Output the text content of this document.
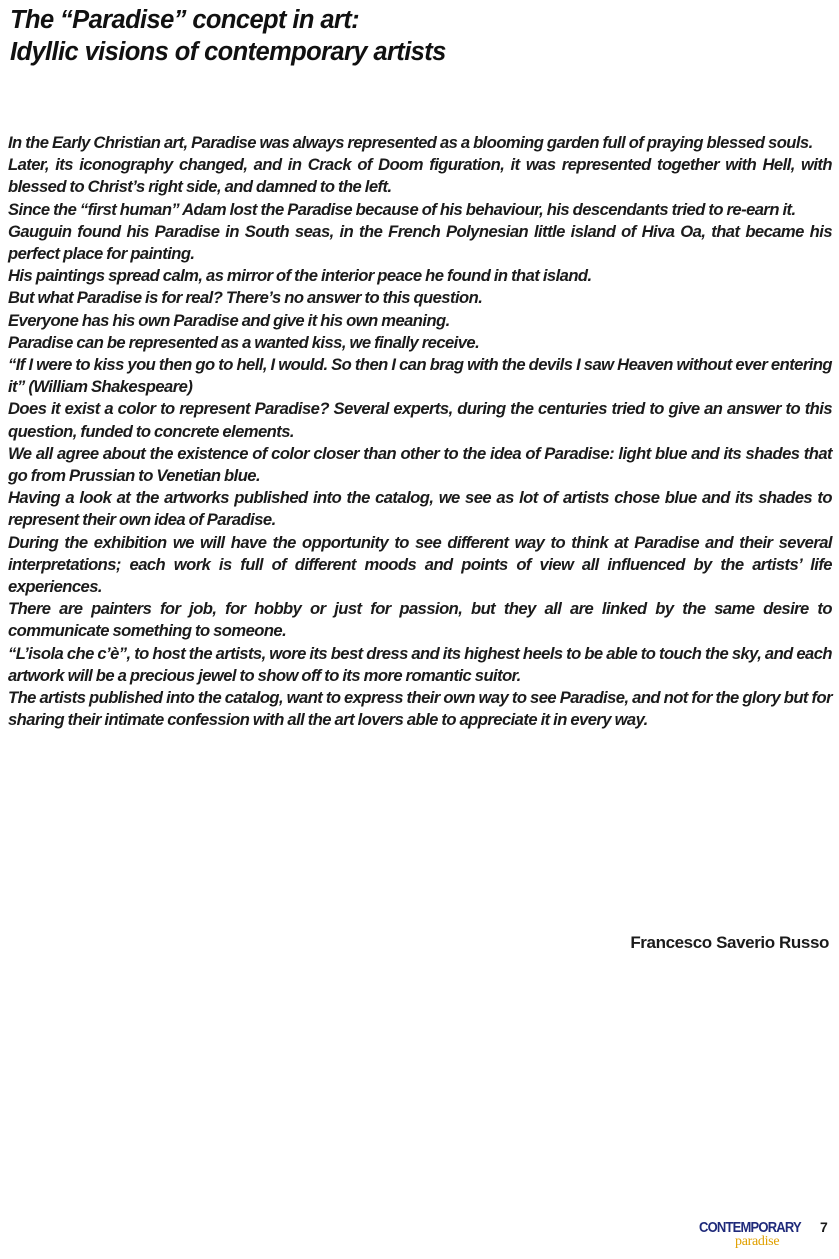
The “Paradise” concept in art:
Idyllic visions of contemporary artists

In the Early Christian art, Paradise was always represented as a blooming garden full of praying blessed souls.

Later, its iconography changed, and in Crack of Doom figuration, it was represented together with Hell, with blessed to Christ’s right side, and damned to the left.

Since the “first human” Adam lost the Paradise because of his behaviour, his descendants tried to re-earn it.

Gauguin found his Paradise in South seas, in the French Polynesian little island of Hiva Oa, that became his perfect place for painting.

His paintings spread calm, as mirror of the interior peace he found in that island.

But what Paradise is for real? There’s no answer to this question.

Everyone has his own Paradise and give it his own meaning.

Paradise can be represented as a wanted kiss, we finally receive.

“If I were to kiss you then go to hell, I would. So then I can brag with the devils I saw Heaven without ever entering it” (William Shakespeare)

Does it exist a color to represent Paradise? Several experts, during the centuries tried to give an answer to this question, funded to concrete elements.

We all agree about the existence of color closer than other to the idea of Paradise: light blue and its shades that go from Prussian to Venetian blue.

Having a look at the artworks published into the catalog, we see as lot of artists chose blue and its shades to represent their own idea of Paradise.

During the exhibition we will have the opportunity to see different way to think at Paradise and their several interpretations; each work is full of different moods and points of view all influenced by the artists’ life experiences.

There are painters for job, for hobby or just for passion, but they all are linked by the same desire to communicate something to someone.

“L’isola che c’è”, to host the artists, wore its best dress and its highest heels to be able to touch the sky, and each artwork will be a precious jewel to show off to its more romantic suitor.

The artists published into the catalog, want to express their own way to see Paradise, and not for the glory but for sharing their intimate confession with all the art lovers able to appreciate it in every way.

Francesco Saverio Russo
CONTEMPORARY
paradise
7
